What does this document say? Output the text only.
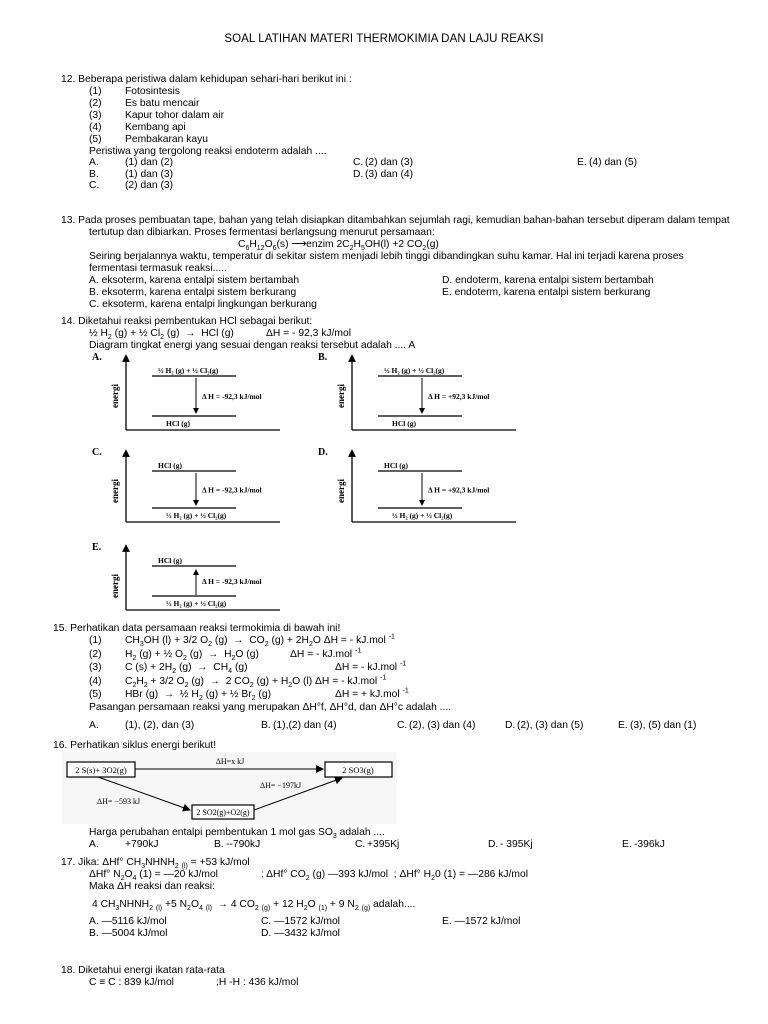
SOAL LATIHAN MATERI THERMOKIMIA DAN LAJU REAKSI
12. Beberapa peristiwa dalam kehidupan sehari-hari berikut ini :
(1)	Fotosintesis
(2)	Es batu mencair
(3)	Kapur tohor dalam air
(4)	Kembang api
(5)	Pembakaran kayu
Peristiwa yang tergolong reaksi endoterm adalah ....
A.	(1) dan (2)	C. (2) dan (3)	E. (4) dan (5)
B.	(1) dan (3)	D. (3) dan (4)
C.	(2) dan (3)
13. Pada proses pembuatan tape, bahan yang telah disiapkan ditambahkan sejumlah ragi, kemudian bahan-bahan tersebut diperam dalam tempat
tertutup dan dibiarkan. Proses fermentasi berlangsung menurut persamaan:
$C_6H_{12}O_6(s)$ ⟶enzim $2C_2H_5OH(l) +2$ $CO_2(g)$
Seiring berjalannya waktu, temperatur di sekitar sistem menjadi lebih tinggi dibandingkan suhu kamar. Hal ini terjadi karena proses
fermentasi termasuk reaksi.....
A. eksoterm, karena entalpi sistem bertambah	D. endoterm, karena entalpi sistem bertambah
B. eksoterm, karena entalpi sistem berkurang	E. endoterm, karena entalpi sistem berkurang
C. eksoterm, karena entalpi lingkungan berkurang
14. Diketahui reaksi pembentukan HCl sebagai berikut:
½ $H_2$ (g) + ½ $Cl_2$ (g)  →  HCl (g)	ΔH = - 92,3 kJ/mol
Diagram tingkat energi yang sesuai dengan reaksi tersebut adalah .... A
A.
energi
½ H₂ (g) + ½ Cl₂(g)
HCl (g)
Δ H = -92,3 kJ/mol
B.
energi
½ H₂ (g) + ½ Cl₂(g)
HCl (g)
Δ H = +92,3 kJ/mol
C.
energi
HCl (g)
½ H₂ (g) + ½ Cl₂(g)
Δ H = -92,3 kJ/mol
D.
energi
HCl (g)
½ H₂ (g) + ½ Cl₂(g)
Δ H = +92,3 kJ/mol
E.
energi
HCl (g)
½ H₂ (g) + ½ Cl₂(g)
Δ H = -92,3 kJ/mol
15. Perhatikan data persamaan reaksi termokimia di bawah ini!
(1)	$CH_3OH$ (l) + 3/2 $O_2$ $(g) \to CO_2$ $(g) + 2H_2O$ ΔH = - kJ.mol $^{-1}$
(2)	$H_2$ (g) + ½ $O_2$ $(g) \to H_2O$ (g)	ΔH = - kJ.mol $^{-1}$
(3)	C $(s) + 2H_2$ $(g) \to CH_4$ (g)	ΔH = - kJ.mol $^{-1}$
(4)	$C_2H_2 + 3/2$ $O_2$ (g)  →  2 $CO_2$ $(g) + H_2O$ (l) ΔH = - kJ.mol $^{-1}$
(5)	HBr (g)  →  ½ $H_2$ (g) + ½ $Br_2$ (g)	ΔH = + kJ.mol $^{-1}$
Pasangan persamaan reaksi yang merupakan ΔH°f, ΔH°d, dan ΔH°c adalah ....
A.	(1), (2), dan (3)	B. (1),(2) dan (4)	C. (2), (3) dan (4)	D. (2), (3) dan (5)	E. (3), (5) dan (1)
16. Perhatikan siklus energi berikut!
2 S(s)+ 3O2(g)	2 SO3(g)
2 SO2(g)+O2(g)
ΔH=x kJ
ΔH= −593 kJ
ΔH= −197kJ
Harga perubahan entalpi pembentukan 1 mol gas $SO_3$ adalah ....
A.	+790kJ	B. --790kJ	C. +395Kj	D. - 395Kj	E. -396kJ
17. Jika: ΔHf° $CH_3NHNH_2$ $_{(l)}$ = +53 kJ/mol
ΔHf° $N_2O_4$ (1) = —20 kJ/mol	; ΔHf° $CO_2$ (g) —393 kJ/mol  ; ΔHf° $H_20$ (1) = —286 kJ/mol
Maka ΔH reaksi dan reaksi:
4 $CH_3NHNH_2$ $_{(l)}$ +5 $N_2O_4$ $_{(l)}$  → 4 $CO_2$ $_{(g)}$ + 12 $H_2O$ $_{(1)}$ + 9 $N_2$ $_{(g)}$ adalah....
A. —5116 kJ/mol	C. —1572 kJ/mol	E. —1572 kJ/mol
B. —5004 kJ/mol	D. —3432 kJ/mol
18. Diketahui energi ikatan rata-rata
C ≡ C : 839 kJ/mol	;H -H : 436 kJ/mol
